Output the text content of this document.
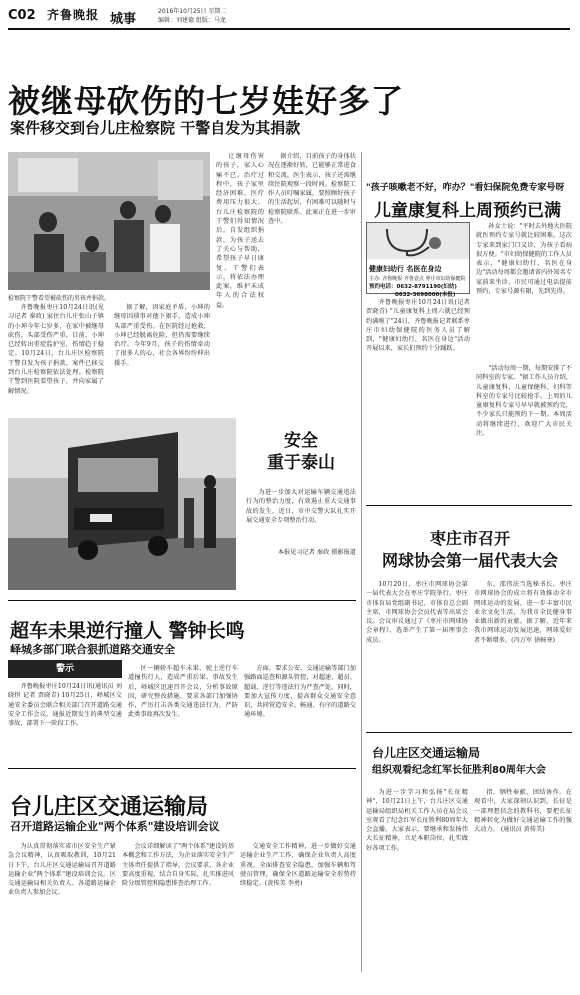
C02 齐鲁晚报 城事
2016年10月25日 星期二
编辑：刘建德 组版：马龙
被继母砍伤的七岁娃好多了
案件移交到台儿庄检察院 干警自发为其捐款
检察院干警看望被砍伤的男孩并捐款。

齐鲁晚报枣庄10月24日讯(见习记者 秦政) 家住台儿庄张山子镇的小坤今年七岁多，在家中被继母砍伤，头部受伤严重。目前，小坤已经转出重症监护室，伤情趋于稳定。10月24日，台儿庄区检察院干警自发为孩子捐款，案件已移交到台儿庄检察院依法处理。检察院干警到医院看望孩子，并向家属了解情况。

据了解，因家庭矛盾，小坤的继母因琐事对他下狠手，造成小坤头部严重受伤。在医院经过抢救，小坤已经脱离危险，但仍需要继续治疗。今年9月，孩子的伤情牵动了很多人的心，社会各界纷纷伸出援手。

让继母伤害的孩子，家人心痛不已。治疗过程中，孩子家里经济困难，医疗费用压力很大。台儿庄检察院的干警们得知情况后，自发组织捐款，为孩子送去了关心与帮助，希望孩子早日康复。干警们表示，将依法办理此案，维护未成年人的合法权益。

据介绍，目前孩子的身体状况在逐渐好转，已能够正常进食和交流。医生表示，孩子还需继续住院观察一段时间。检察院工作人员叮嘱家属，要照顾好孩子的生活起居，有困难可以随时与检察院联系。此案正在进一步审查中。

"孩子咳嗽老不好，咋办？"看妇保院免费专家号呀
儿童康复科上周预约已满
健康妇幼行 名医在身边
主办: 齐鲁晚报·齐鲁壹点 枣庄市妇幼保健院
预约电话：0632-8791190(妇幼)
0632-3698000(本报)

齐鲁晚报枣庄10月24日讯(记者 贾晓青) "儿童康复科上周六就已经预约满啦了"24日，齐鲁晚报记者联系枣庄市妇幼保健院的医务人员了解到，"健康妇幼行，名医在身边"活动开展以来，家长们预约十分踊跃。

孙女士说："平时去外地大医院就医预约专家号就比较困难，这次专家来到家门口义诊，为孩子看病很方便。"市妇幼保健院的工作人员表示，"健康妇幼行，名医在身边"活动每周都会邀请省内外知名专家前来坐诊，市民可通过电话提前预约，专家号源有限，先到先得。

"活动每周一期，每期安排了不同科室的专家。"据工作人员介绍，儿童康复科、儿童保健科、妇科等科室的专家号比较抢手。上周的儿童康复科专家号早早就被预约完，不少家长只能预约下一期。本周活动将继续进行，欢迎广大市民关注。

安全
重于泰山

为进一步加大对运输车辆交通违法行为的整治力度，有效遏止重大交通事故的发生，近日，市中交警大队扎实开展交通安全专项整治行动。

本报见习记者 秦政 摄影报道
超车未果逆行撞人 警钟长鸣
峄城多部门联合狠抓道路交通安全
警示

齐鲁晚报枣庄10月24日讯(通讯员 刘晓恒 记者 贾晓青) 10月25日，峄城区交通安全委员会联合相关部门召开道路交通安全工作会议，通报近期发生的典型交通事故，部署下一阶段工作。

区一辆轿车超车未果，驶上逆行车道撞伤行人，造成严重后果。事故发生后，峄城区迅速召开会议，分析事故原因，研究整改措施，要求各部门加强协作，严厉打击各类交通违法行为，严防此类事故再次发生。

方面，要求公安、交通运输等部门加强路面巡查和源头管控，对超速、超员、超载、逆行等违法行为严查严处。同时，要加大宣传力度，提高群众交通安全意识，共同营造安全、畅通、有序的道路交通环境。

枣庄市召开
网球协会第一届代表大会

10月20日，枣庄市网球协会第一届代表大会在枣庄学院举行。枣庄市体育局党组副书记、市体育总会副主席，市网球协会会员代表等出席会议。会议审议通过了《枣庄市网球协会章程》，选举产生了第一届理事会成员。

东，邵伟法当选秘书长。枣庄市网球协会的成立将有效推动全市网球运动的发展，进一步丰富市民业余文化生活，为我市全民健身事业做出新的贡献。据了解，近年来我市网球运动发展迅速，网球爱好者不断增多。(冯万军 徐畅寒)

台儿庄区交通运输局
组织观看纪念红军长征胜利80周年大会

为进一步学习和弘扬"长征精神"，10月21日上午，台儿庄区交通运输局组织局机关工作人员在局会议室观看了纪念红军长征胜利80周年大会直播。大家表示，要继承和发扬伟大长征精神，立足本职岗位，扎实做好各项工作。

指，牺牲奉献，团结协作。在观看中，大家深刻认识到，长征是一部理想信念的教科书，要把长征精神转化为做好交通运输工作的强大动力。 (通讯员 黄传美)

台儿庄区交通运输局
召开道路运输企业"两个体系"建设培训会议

为认真贯彻落实省市区安全生产紧急会议精神，认真吸取教训，10月21日下午，台儿庄区交通运输局召开道路运输企业"两个体系"建设培训会议。区交通运输局相关负责人、各道路运输企业负责人参加会议。

会议详细解读了"两个体系"建设的基本概念和工作方法，为企业落实安全生产主体责任提供了指导。会议要求，各企业要高度重视，结合自身实际，扎实推进风险分级管控和隐患排查治理工作。

交通安全工作精神，进一步做好交通运输企业生产工作，确保企业负责人高度重视，全面排查安全隐患，加强车辆和驾驶员管理，确保全区道路运输安全形势持续稳定。(黄传美 李勇)
